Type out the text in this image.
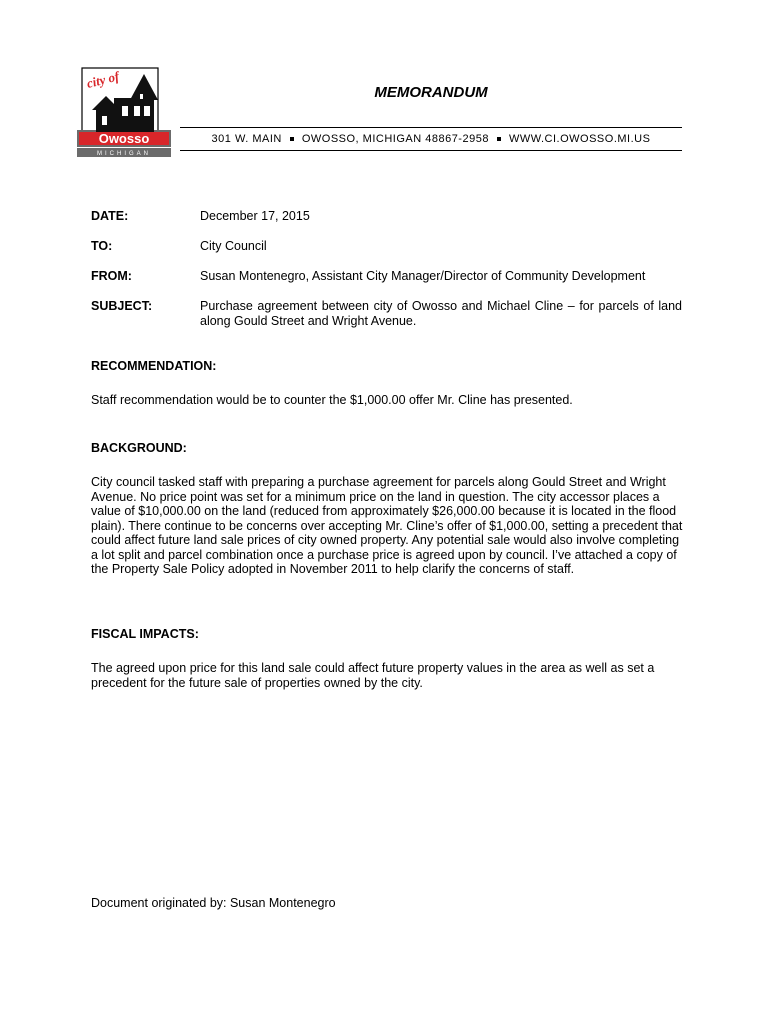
city of
Owosso
MICHIGAN
MEMORANDUM
301 W. MAIN OWOSSO, MICHIGAN 48867-2958 WWW.CI.OWOSSO.MI.US
DATE:	December 17, 2015
TO:	City Council
FROM:	Susan Montenegro, Assistant City Manager/Director of Community Development
SUBJECT:	Purchase agreement between city of Owosso and Michael Cline – for parcels of land along Gould Street and Wright Avenue.
RECOMMENDATION:
Staff recommendation would be to counter the $1,000.00 offer Mr. Cline has presented.
BACKGROUND:
City council tasked staff with preparing a purchase agreement for parcels along Gould Street and Wright Avenue. No price point was set for a minimum price on the land in question. The city accessor places a value of $10,000.00 on the land (reduced from approximately $26,000.00 because it is located in the flood plain). There continue to be concerns over accepting Mr. Cline’s offer of $1,000.00, setting a precedent that could affect future land sale prices of city owned property. Any potential sale would also involve completing a lot split and parcel combination once a purchase price is agreed upon by council. I’ve attached a copy of the Property Sale Policy adopted in November 2011 to help clarify the concerns of staff.
FISCAL IMPACTS:
The agreed upon price for this land sale could affect future property values in the area as well as set a precedent for the future sale of properties owned by the city.
Document originated by: Susan Montenegro
